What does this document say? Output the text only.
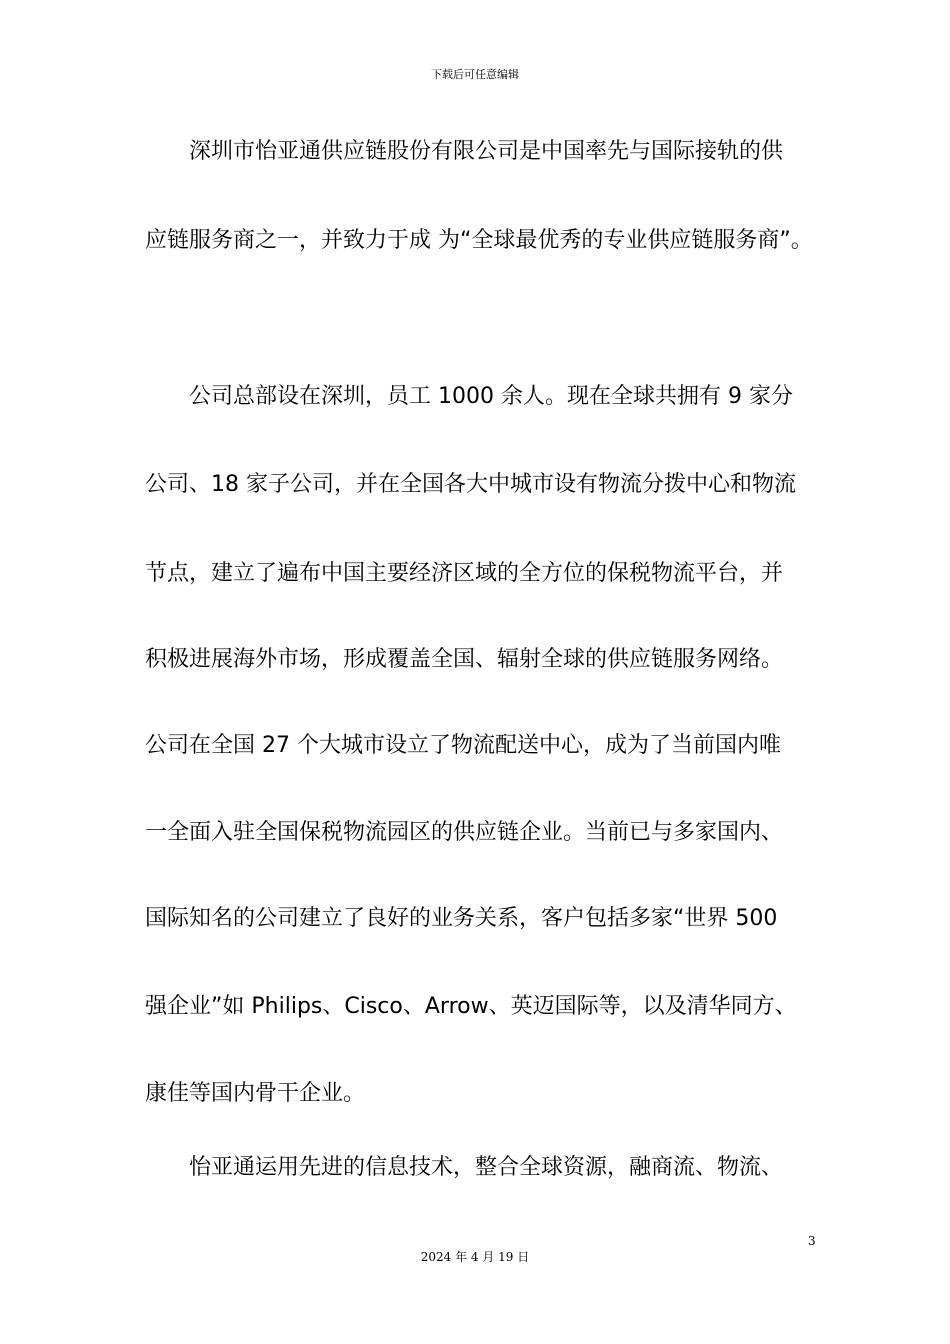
下载后可任意编辑
　　深圳市怡亚通供应链股份有限公司是中国率先与国际接轨的供
应链服务商之一，并致力于成 为“全球最优秀的专业供应链服务商”。
　　公司总部设在深圳，员工 1000 余人。现在全球共拥有 9 家分
公司、18 家子公司，并在全国各大中城市设有物流分拨中心和物流
节点，建立了遍布中国主要经济区域的全方位的保税物流平台，并
积极进展海外市场，形成覆盖全国、辐射全球的供应链服务网络。
公司在全国 27 个大城市设立了物流配送中心，成为了当前国内唯
一全面入驻全国保税物流园区的供应链企业。当前已与多家国内、
国际知名的公司建立了良好的业务关系，客户包括多家“世界 500
强企业”如 Philips、Cisco、Arrow、英迈国际等，以及清华同方、
康佳等国内骨干企业。
　　怡亚通运用先进的信息技术，整合全球资源，融商流、物流、
3
2024 年 4 月 19 日
